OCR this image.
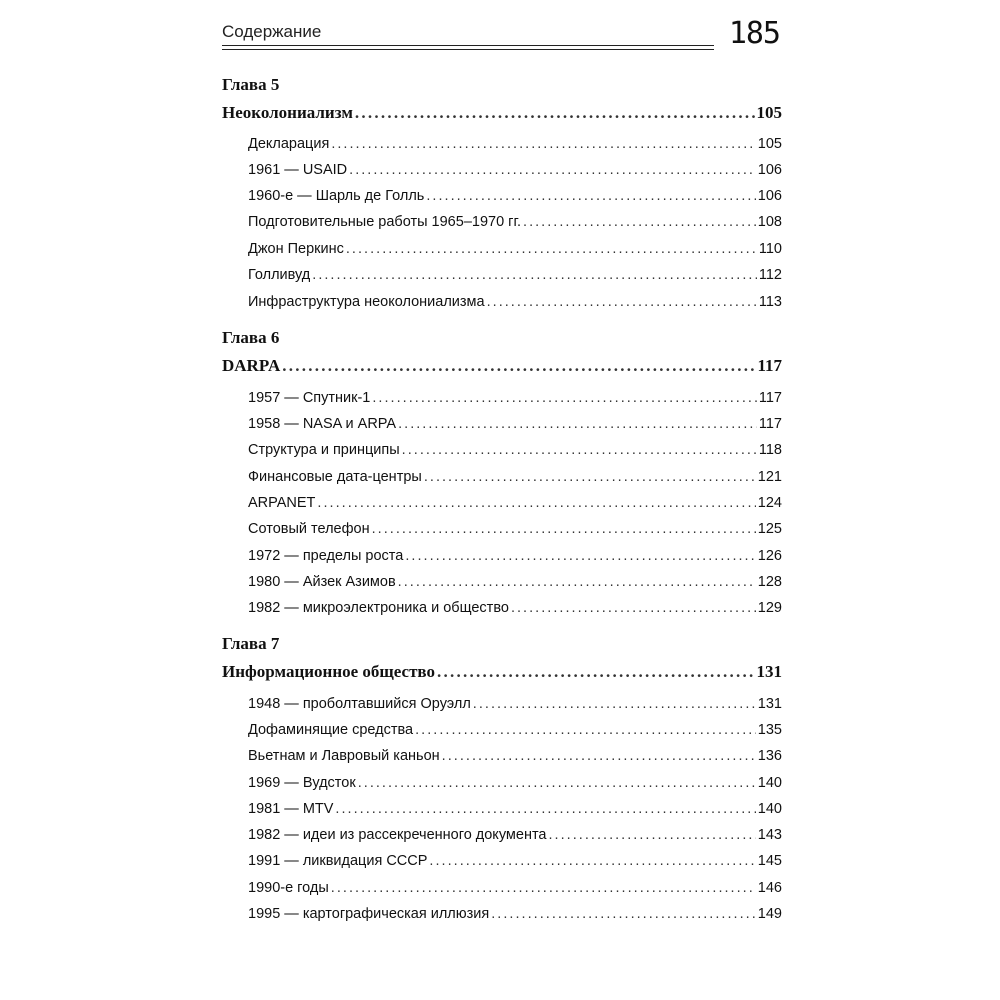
Содержание	185
Глава 5
Неоколониализм . . .	105
Декларация . . .	105
1961 — USAID . . .	106
1960-е — Шарль де Голль . . .	106
Подготовительные работы 1965–1970 гг. . . .	108
Джон Перкинс . . .	110
Голливуд . . .	112
Инфраструктура неоколониализма . . .	113
Глава 6
DARPA . . .	117
1957 — Спутник-1 . . .	117
1958 — NASA и ARPA . . .	117
Структура и принципы . . .	118
Финансовые дата-центры . . .	121
ARPANET . . .	124
Сотовый телефон . . .	125
1972 — пределы роста . . .	126
1980 — Айзек Азимов . . .	128
1982 — микроэлектроника и общество . . .	129
Глава 7
Информационное общество . . .	131
1948 — проболтавшийся Оруэлл . . .	131
Дофаминящие средства . . .	135
Вьетнам и Лавровый каньон . . .	136
1969 — Вудсток . . .	140
1981 — MTV . . .	140
1982 — идеи из рассекреченного документа . . .	143
1991 — ликвидация СССР . . .	145
1990-е годы . . .	146
1995 — картографическая иллюзия . . .	149
